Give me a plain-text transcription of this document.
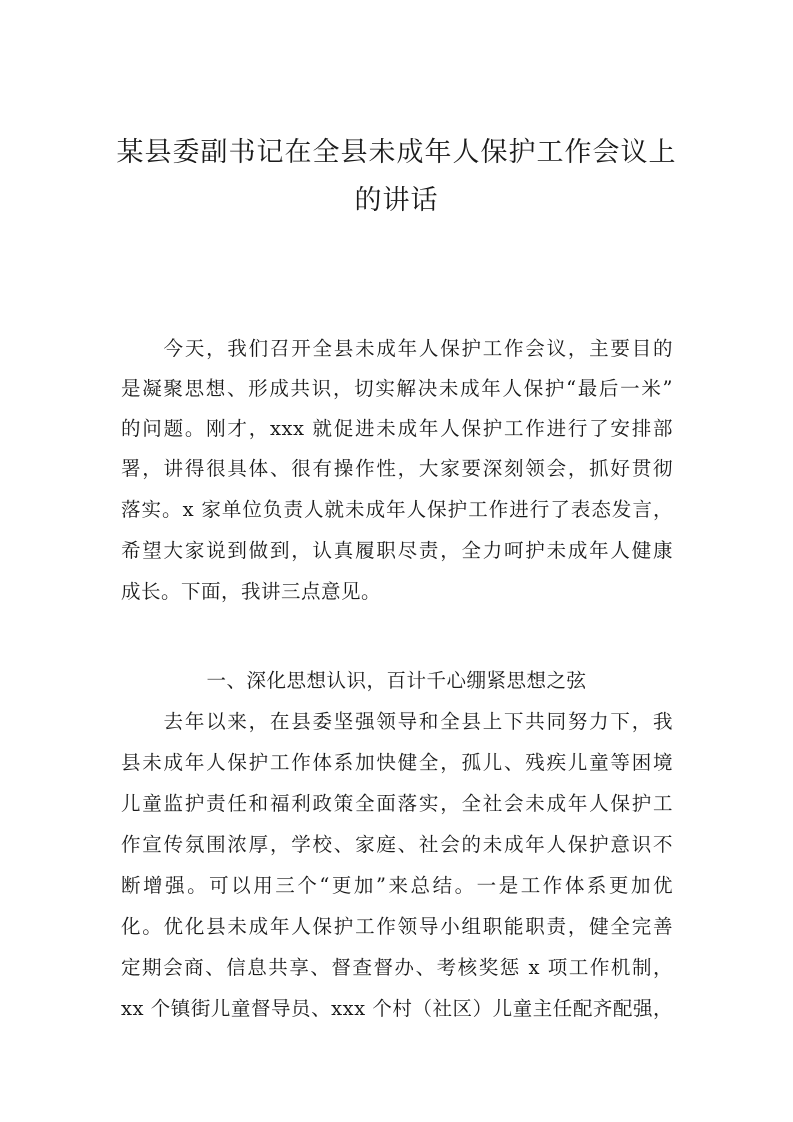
某县委副书记在全县未成年人保护工作会议上
的讲话
　　今天，我们召开全县未成年人保护工作会议，主要目的
是凝聚思想、形成共识，切实解决未成年人保护“最后一米”
的问题。刚才，xxx 就促进未成年人保护工作进行了安排部
署，讲得很具体、很有操作性，大家要深刻领会，抓好贯彻
落实。x 家单位负责人就未成年人保护工作进行了表态发言，
希望大家说到做到，认真履职尽责，全力呵护未成年人健康
成长。下面，我讲三点意见。
一、深化思想认识，百计千心绷紧思想之弦
　　去年以来，在县委坚强领导和全县上下共同努力下，我
县未成年人保护工作体系加快健全，孤儿、残疾儿童等困境
儿童监护责任和福利政策全面落实，全社会未成年人保护工
作宣传氛围浓厚，学校、家庭、社会的未成年人保护意识不
断增强。可以用三个“更加”来总结。一是工作体系更加优
化。优化县未成年人保护工作领导小组职能职责，健全完善
定期会商、信息共享、督查督办、考核奖惩 x 项工作机制，
xx 个镇街儿童督导员、xxx 个村（社区）儿童主任配齐配强，
